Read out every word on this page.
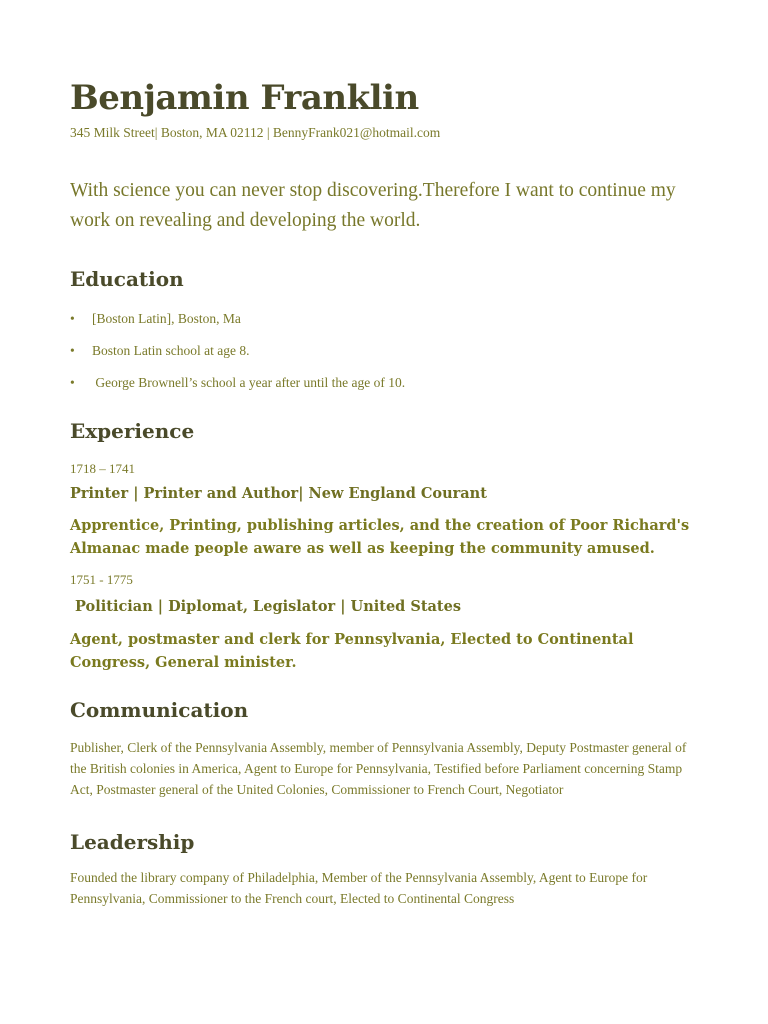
Benjamin Franklin
345 Milk Street| Boston, MA 02112 | BennyFrank021@hotmail.com
With science you can never stop discovering.Therefore I want to continue my work on revealing and developing the world.
Education
• [Boston Latin], Boston, Ma
• Boston Latin school at age 8.
• George Brownell’s school a year after until the age of 10.
Experience
1718 – 1741
Printer | Printer and Author| New England Courant
Apprentice, Printing, publishing articles, and the creation of Poor Richard's Almanac made people aware as well as keeping the community amused.
1751 - 1775
Politician | Diplomat, Legislator | United States
Agent, postmaster and clerk for Pennsylvania, Elected to Continental Congress, General minister.
Communication
Publisher, Clerk of the Pennsylvania Assembly, member of Pennsylvania Assembly, Deputy Postmaster general of the British colonies in America, Agent to Europe for Pennsylvania, Testified before Parliament concerning Stamp Act, Postmaster general of the United Colonies, Commissioner to French Court, Negotiator
Leadership
Founded the library company of Philadelphia, Member of the Pennsylvania Assembly, Agent to Europe for Pennsylvania, Commissioner to the French court, Elected to Continental Congress
